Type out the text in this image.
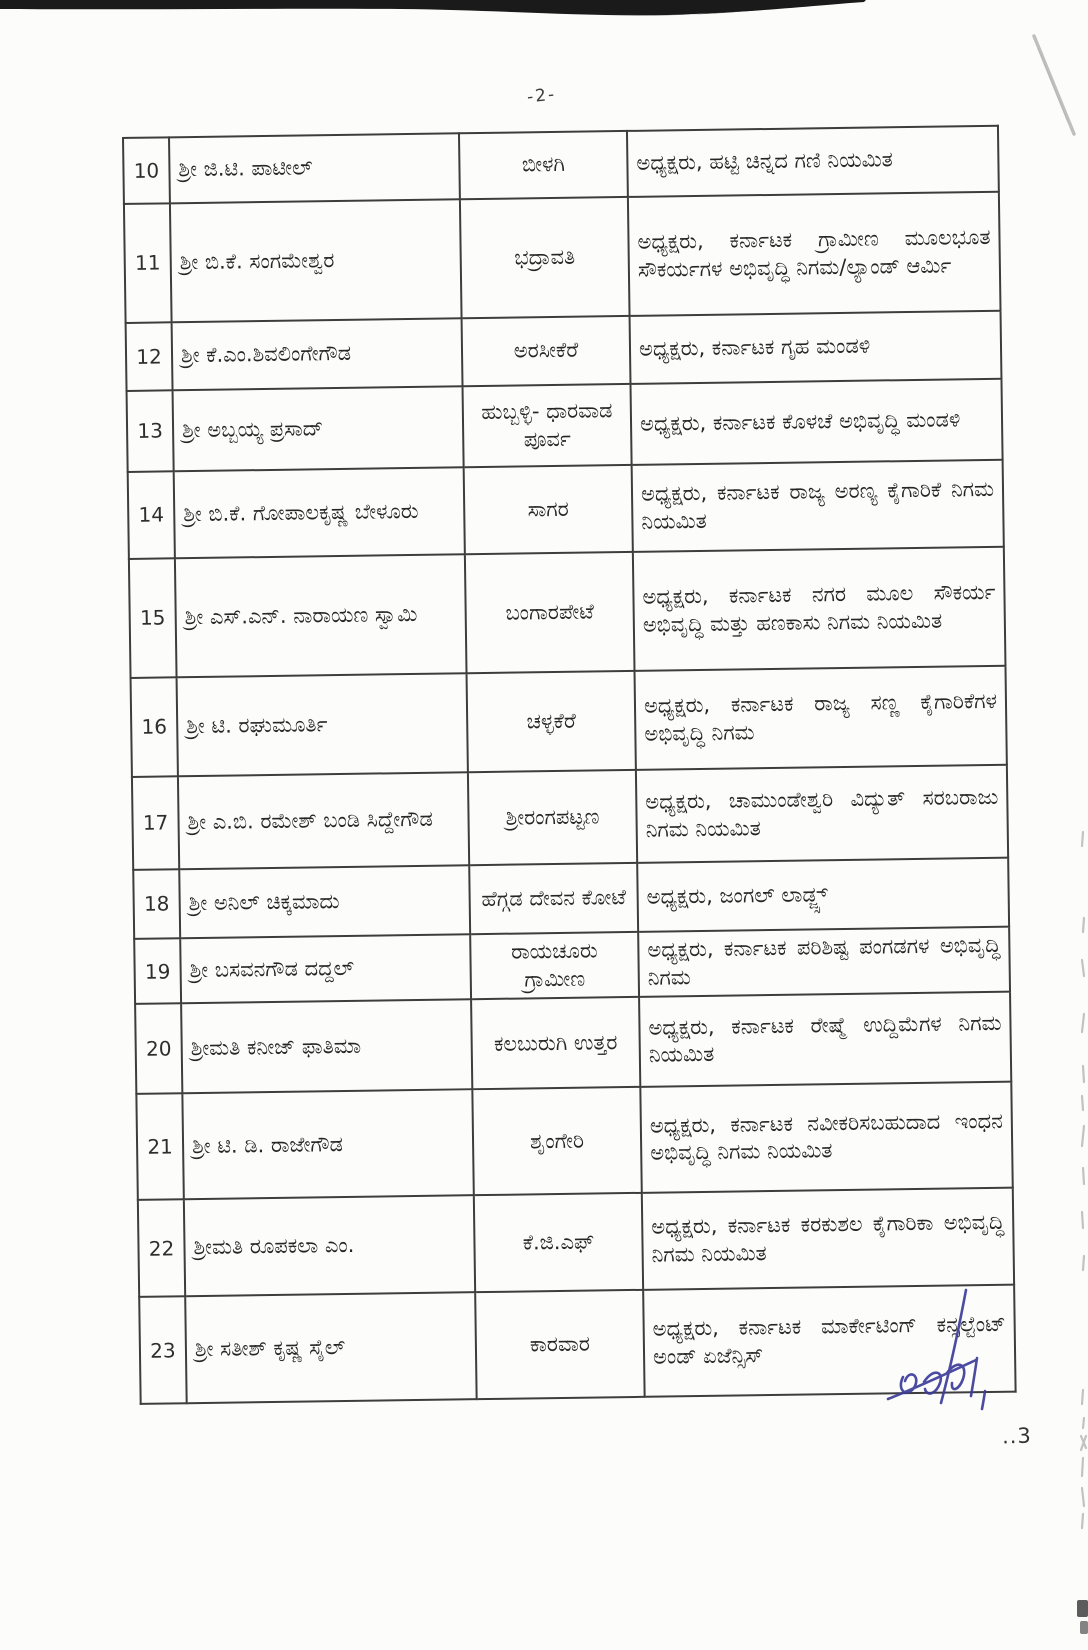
-2-
10	ಶ್ರೀ ಜಿ.ಟಿ. ಪಾಟೀಲ್	ಬೀಳಗಿ	ಅಧ್ಯಕ್ಷರು, ಹಟ್ಟಿ ಚಿನ್ನದ ಗಣಿ ನಿಯಮಿತ
11	ಶ್ರೀ ಬಿ.ಕೆ. ಸಂಗಮೇಶ್ವರ	ಭದ್ರಾವತಿ	ಅಧ್ಯಕ್ಷರು, ಕರ್ನಾಟಕ ಗ್ರಾಮೀಣ ಮೂಲಭೂತ ಸೌಕರ್ಯಗಳ ಅಭಿವೃದ್ಧಿ ನಿಗಮ/ಲ್ಯಾಂಡ್ ಆರ್ಮಿ
12	ಶ್ರೀ ಕೆ.ಎಂ.ಶಿವಲಿಂಗೇಗೌಡ	ಅರಸೀಕೆರೆ	ಅಧ್ಯಕ್ಷರು, ಕರ್ನಾಟಕ ಗೃಹ ಮಂಡಳಿ
13	ಶ್ರೀ ಅಬ್ಬಯ್ಯ ಪ್ರಸಾದ್	ಹುಬ್ಬಳ್ಳಿ- ಧಾರವಾಡ ಪೂರ್ವ	ಅಧ್ಯಕ್ಷರು, ಕರ್ನಾಟಕ ಕೊಳಚೆ ಅಭಿವೃದ್ಧಿ ಮಂಡಳಿ
14	ಶ್ರೀ ಬಿ.ಕೆ. ಗೋಪಾಲಕೃಷ್ಣ ಬೇಳೂರು	ಸಾಗರ	ಅಧ್ಯಕ್ಷರು, ಕರ್ನಾಟಕ ರಾಜ್ಯ ಅರಣ್ಯ ಕೈಗಾರಿಕೆ ನಿಗಮ ನಿಯಮಿತ
15	ಶ್ರೀ ಎಸ್.ಎನ್. ನಾರಾಯಣ ಸ್ವಾಮಿ	ಬಂಗಾರಪೇಟೆ	ಅಧ್ಯಕ್ಷರು, ಕರ್ನಾಟಕ ನಗರ ಮೂಲ ಸೌಕರ್ಯ ಅಭಿವೃದ್ಧಿ ಮತ್ತು ಹಣಕಾಸು ನಿಗಮ ನಿಯಮಿತ
16	ಶ್ರೀ ಟಿ. ರಘುಮೂರ್ತಿ	ಚಳ್ಳಕೆರೆ	ಅಧ್ಯಕ್ಷರು, ಕರ್ನಾಟಕ ರಾಜ್ಯ ಸಣ್ಣ ಕೈಗಾರಿಕೆಗಳ ಅಭಿವೃದ್ಧಿ ನಿಗಮ
17	ಶ್ರೀ ಎ.ಬಿ. ರಮೇಶ್ ಬಂಡಿ ಸಿದ್ದೇಗೌಡ	ಶ್ರೀರಂಗಪಟ್ಟಣ	ಅಧ್ಯಕ್ಷರು, ಚಾಮುಂಡೇಶ್ವರಿ ವಿದ್ಯುತ್ ಸರಬರಾಜು ನಿಗಮ ನಿಯಮಿತ
18	ಶ್ರೀ ಅನಿಲ್ ಚಿಕ್ಕಮಾದು	ಹೆಗ್ಗಡ ದೇವನ ಕೋಟೆ	ಅಧ್ಯಕ್ಷರು, ಜಂಗಲ್ ಲಾಡ್ಜ್ಸ್
19	ಶ್ರೀ ಬಸವನಗೌಡ ದದ್ದಲ್	ರಾಯಚೂರು ಗ್ರಾಮೀಣ	ಅಧ್ಯಕ್ಷರು, ಕರ್ನಾಟಕ ಪರಿಶಿಷ್ಟ ಪಂಗಡಗಳ ಅಭಿವೃದ್ಧಿ ನಿಗಮ
20	ಶ್ರೀಮತಿ ಕನೀಜ್ ಫಾತಿಮಾ	ಕಲಬುರುಗಿ ಉತ್ತರ	ಅಧ್ಯಕ್ಷರು, ಕರ್ನಾಟಕ ರೇಷ್ಮೆ ಉದ್ದಿಮೆಗಳ ನಿಗಮ ನಿಯಮಿತ
21	ಶ್ರೀ ಟಿ. ಡಿ. ರಾಜೇಗೌಡ	ಶೃಂಗೇರಿ	ಅಧ್ಯಕ್ಷರು, ಕರ್ನಾಟಕ ನವೀಕರಿಸಬಹುದಾದ ಇಂಧನ ಅಭಿವೃದ್ಧಿ ನಿಗಮ ನಿಯಮಿತ
22	ಶ್ರೀಮತಿ ರೂಪಕಲಾ ಎಂ.	ಕೆ.ಜಿ.ಎಫ್	ಅಧ್ಯಕ್ಷರು, ಕರ್ನಾಟಕ ಕರಕುಶಲ ಕೈಗಾರಿಕಾ ಅಭಿವೃದ್ಧಿ ನಿಗಮ ನಿಯಮಿತ
23	ಶ್ರೀ ಸತೀಶ್ ಕೃಷ್ಣ ಸೈಲ್	ಕಾರವಾರ	ಅಧ್ಯಕ್ಷರು, ಕರ್ನಾಟಕ ಮಾರ್ಕೇಟಿಂಗ್ ಕನ್ಸಲ್ಟೆಂಟ್ ಅಂಡ್ ಏಜೆನ್ಸಿಸ್
..3
